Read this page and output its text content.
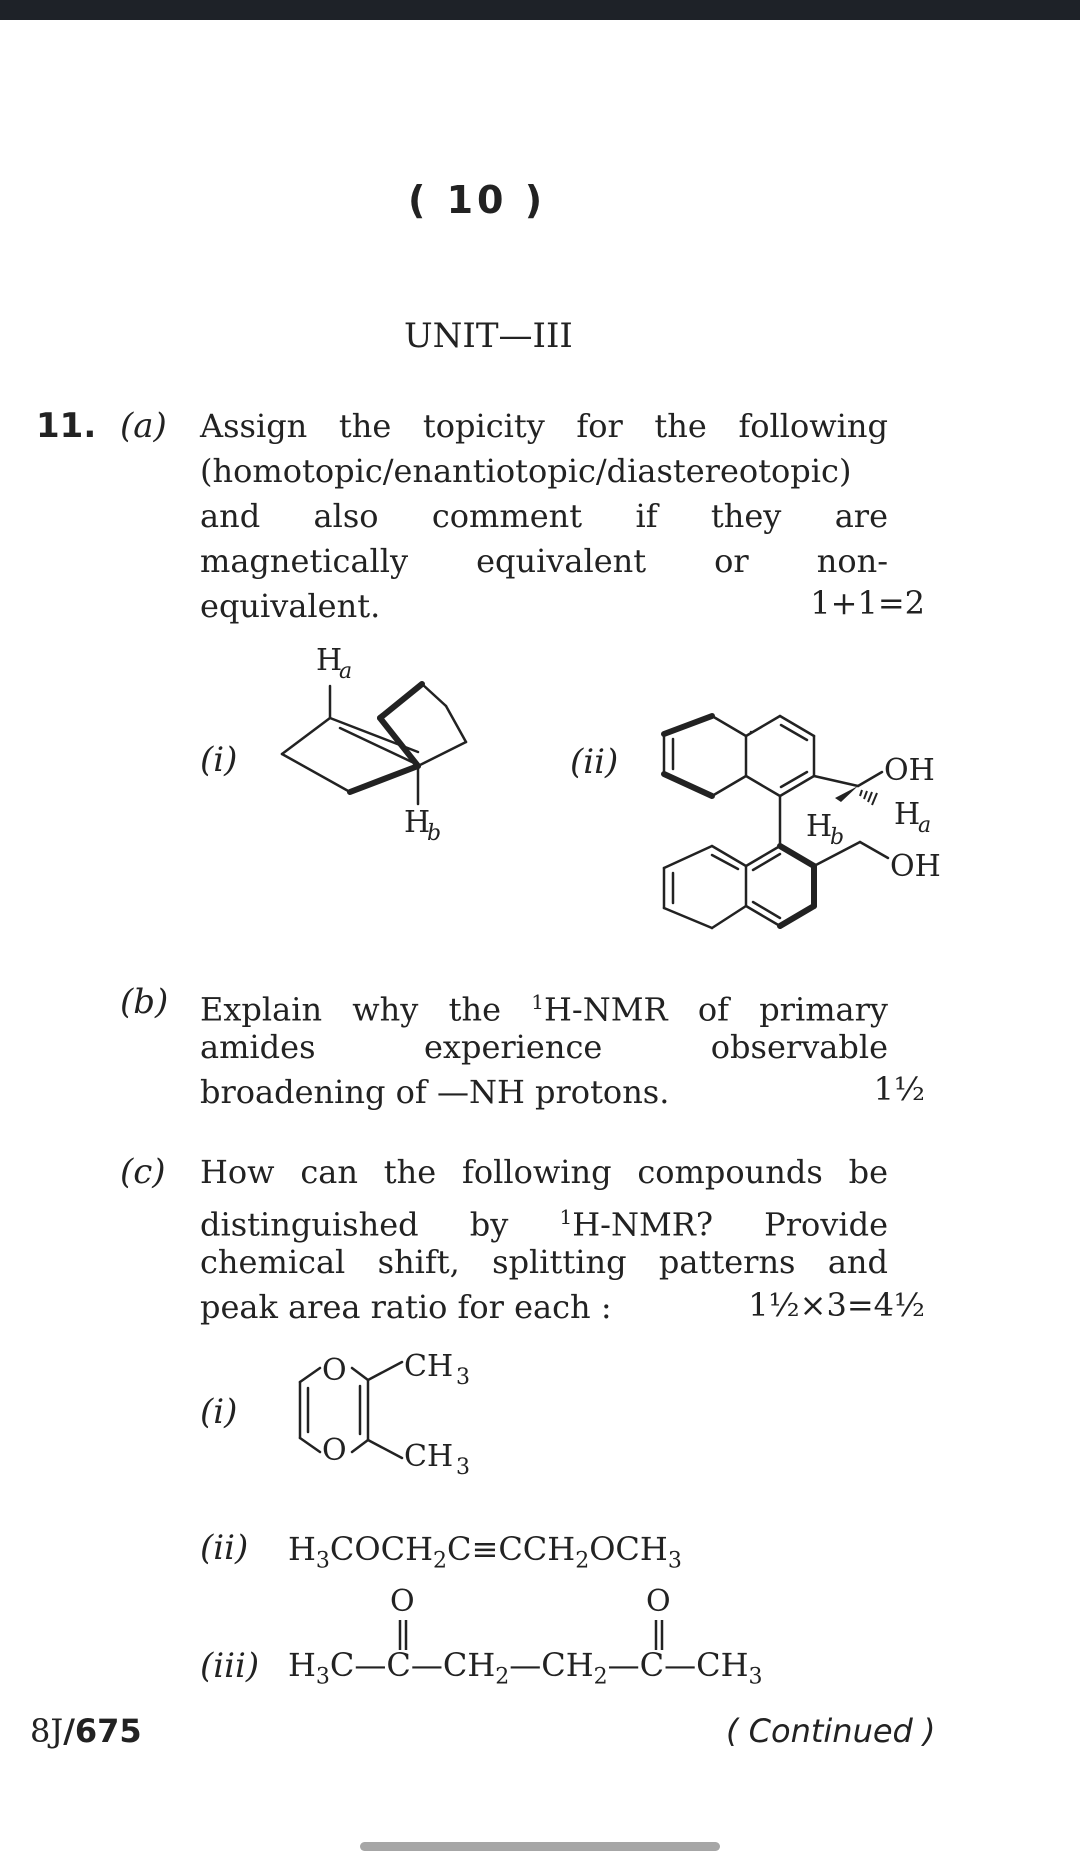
( 10 )
UNIT—III
11. (a) Assign the topicity for the following
(homotopic/enantiotopic/diastereotopic)
and also comment if they are
magnetically equivalent or non-
equivalent.	1+1=2
(i)
H
a
H
b
(ii)	OH
H
b
H
a
OH
(b) Explain why the $^1$H-NMR of primary
amides experience observable
broadening of —NH protons.	1½
(c) How can the following compounds be
distinguished by $^1$H-NMR? Provide
chemical shift, splitting patterns and
peak area ratio for each :	1½×3=4½
(i)
O
O
CH 3
CH 3
(ii) $H_3COCH_2C\equiv CCH_2OCH_3$
(iii)
O	O
$H_3C—C—CH_2—CH_2—C—CH_3$
8J/675	( Continued )
